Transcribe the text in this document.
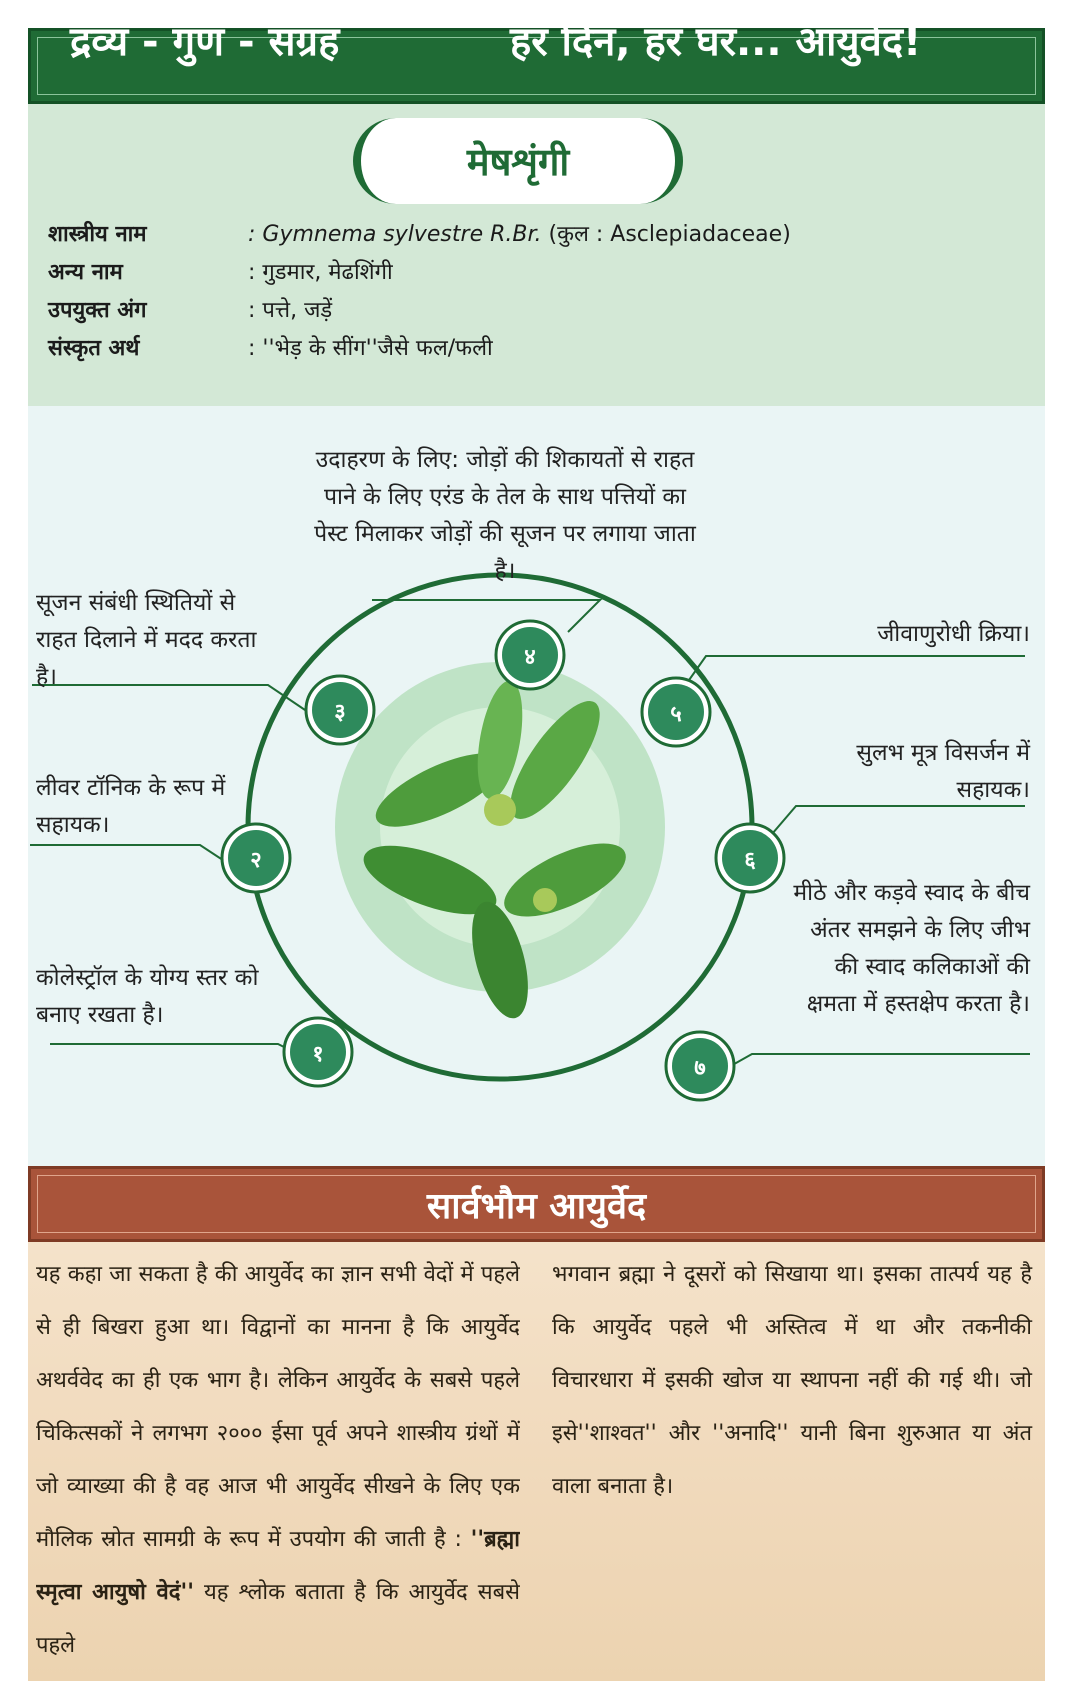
द्रव्य - गुण - संग्रह	हर दिन, हर घर... आयुर्वेद!
मेषशृंगी
शास्त्रीय नाम	: Gymnema sylvestre R.Br. (कुल : Asclepiadaceae)
अन्य नाम	: गुडमार, मेढशिंगी
उपयुक्त अंग	: पत्ते, जड़ें
संस्कृत अर्थ	: ''भेड़ के सींग''जैसे फल/फली
१
२
३
४
५
६
७
कोलेस्ट्रॉल के योग्य स्तर को बनाए रखता है।
लीवर टॉनिक के रूप में सहायक।
सूजन संबंधी स्थितियों से राहत दिलाने में मदद करता है।
उदाहरण के लिए: जोड़ों की शिकायतों से राहत पाने के लिए एरंड के तेल के साथ पत्तियों का पेस्ट मिलाकर जोड़ों की सूजन पर लगाया जाता है।
जीवाणुरोधी क्रिया।
सुलभ मूत्र विसर्जन में सहायक।
मीठे और कड़वे स्वाद के बीच अंतर समझने के लिए जीभ की स्वाद कलिकाओं की क्षमता में हस्तक्षेप करता है।
सार्वभौम आयुर्वेद
यह कहा जा सकता है की आयुर्वेद का ज्ञान सभी वेदों में पहले से ही बिखरा हुआ था। विद्वानों का मानना है कि आयुर्वेद अथर्ववेद का ही एक भाग है। लेकिन आयुर्वेद के सबसे पहले चिकित्सकों ने लगभग २००० ईसा पूर्व अपने शास्त्रीय ग्रंथों में जो व्याख्या की है वह आज भी आयुर्वेद सीखने के लिए एक मौलिक स्रोत सामग्री के रूप में उपयोग की जाती है : ''ब्रह्मा स्मृत्वा आयुषो वेदं'' यह श्लोक बताता है कि आयुर्वेद सबसे पहले
भगवान ब्रह्मा ने दूसरों को सिखाया था। इसका तात्पर्य यह है कि आयुर्वेद पहले भी अस्तित्व में था और तकनीकी विचारधारा में इसकी खोज या स्थापना नहीं की गई थी। जो इसे''शाश्वत'' और ''अनादि'' यानी बिना शुरुआत या अंत वाला बनाता है।
